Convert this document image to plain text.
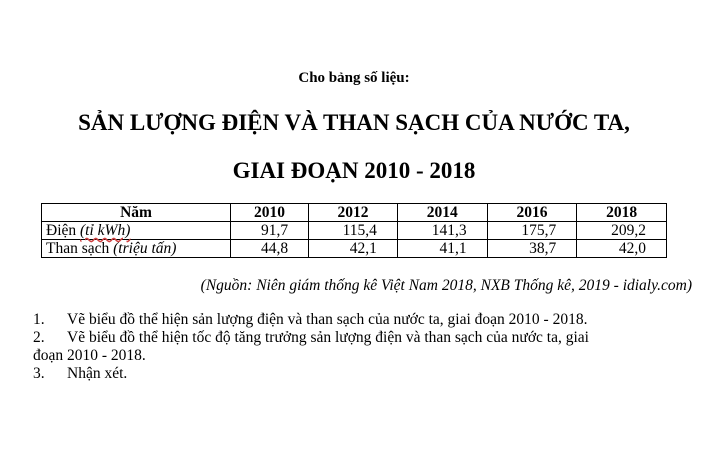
Cho bảng số liệu:
SẢN LƯỢNG ĐIỆN VÀ THAN SẠCH CỦA NƯỚC TA,
GIAI ĐOẠN 2010 - 2018
Năm	2010	2012	2014	2016	2018
Điện (tỉ kWh)	91,7	115,4	141,3	175,7	209,2
Than sạch (triệu tấn)	44,8	42,1	41,1	38,7	42,0
(Nguồn: Niên giám thống kê Việt Nam 2018, NXB Thống kê, 2019 - idialy.com)
1.	Vẽ biểu đồ thể hiện sản lượng điện và than sạch của nước ta, giai đoạn 2010 - 2018.
2.	Vẽ biểu đồ thể hiện tốc độ tăng trưởng sản lượng điện và than sạch của nước ta, giai
đoạn 2010 - 2018.
3.	Nhận xét.
